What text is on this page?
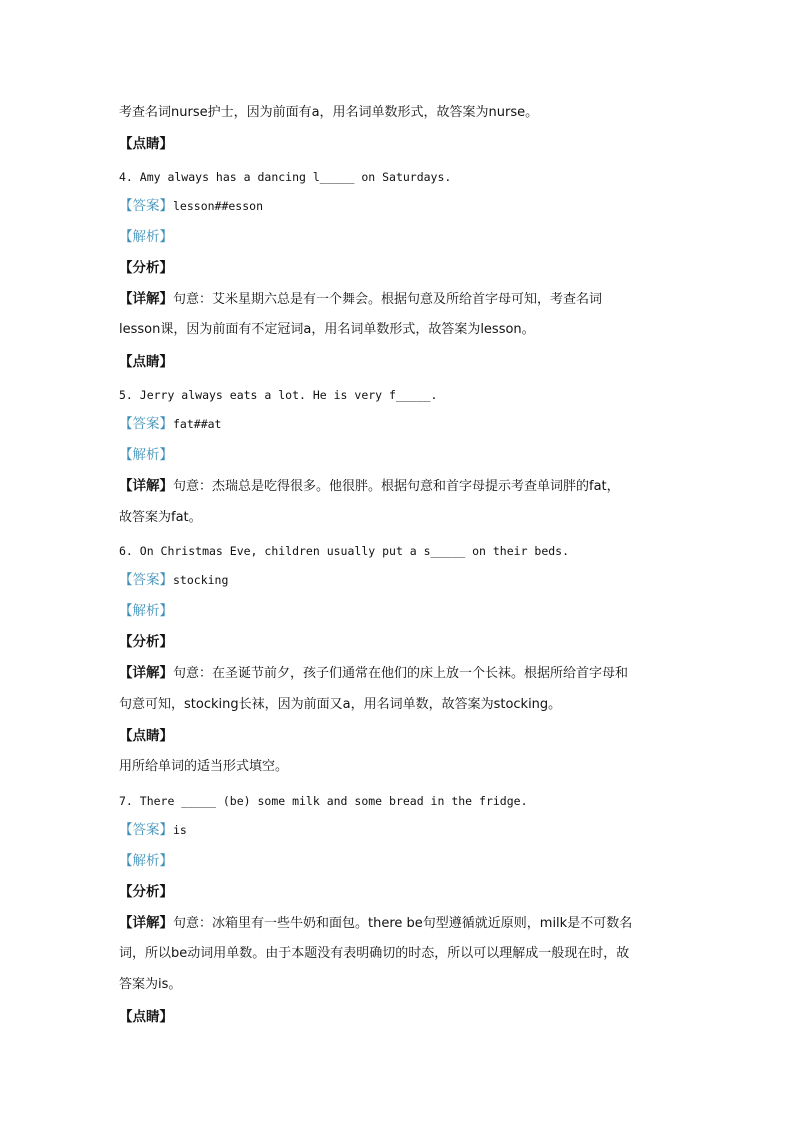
考查名词nurse护士，因为前面有a，用名词单数形式，故答案为nurse。
【点睛】
4. Amy always has a dancing l_____ on Saturdays.
【答案】lesson##esson
【解析】
【分析】
【详解】句意：艾米星期六总是有一个舞会。根据句意及所给首字母可知，考查名词
lesson课，因为前面有不定冠词a，用名词单数形式，故答案为lesson。
【点睛】
5. Jerry always eats a lot. He is very f_____.
【答案】fat##at
【解析】
【详解】句意：杰瑞总是吃得很多。他很胖。根据句意和首字母提示考查单词胖的fat，
故答案为fat。
6. On Christmas Eve, children usually put a s_____ on their beds.
【答案】stocking
【解析】
【分析】
【详解】句意：在圣诞节前夕，孩子们通常在他们的床上放一个长袜。根据所给首字母和
句意可知，stocking长袜，因为前面又a，用名词单数，故答案为stocking。
【点睛】
用所给单词的适当形式填空。
7. There _____ (be) some milk and some bread in the fridge.
【答案】is
【解析】
【分析】
【详解】句意：冰箱里有一些牛奶和面包。there be句型遵循就近原则，milk是不可数名
词，所以be动词用单数。由于本题没有表明确切的时态，所以可以理解成一般现在时，故
答案为is。
【点睛】
